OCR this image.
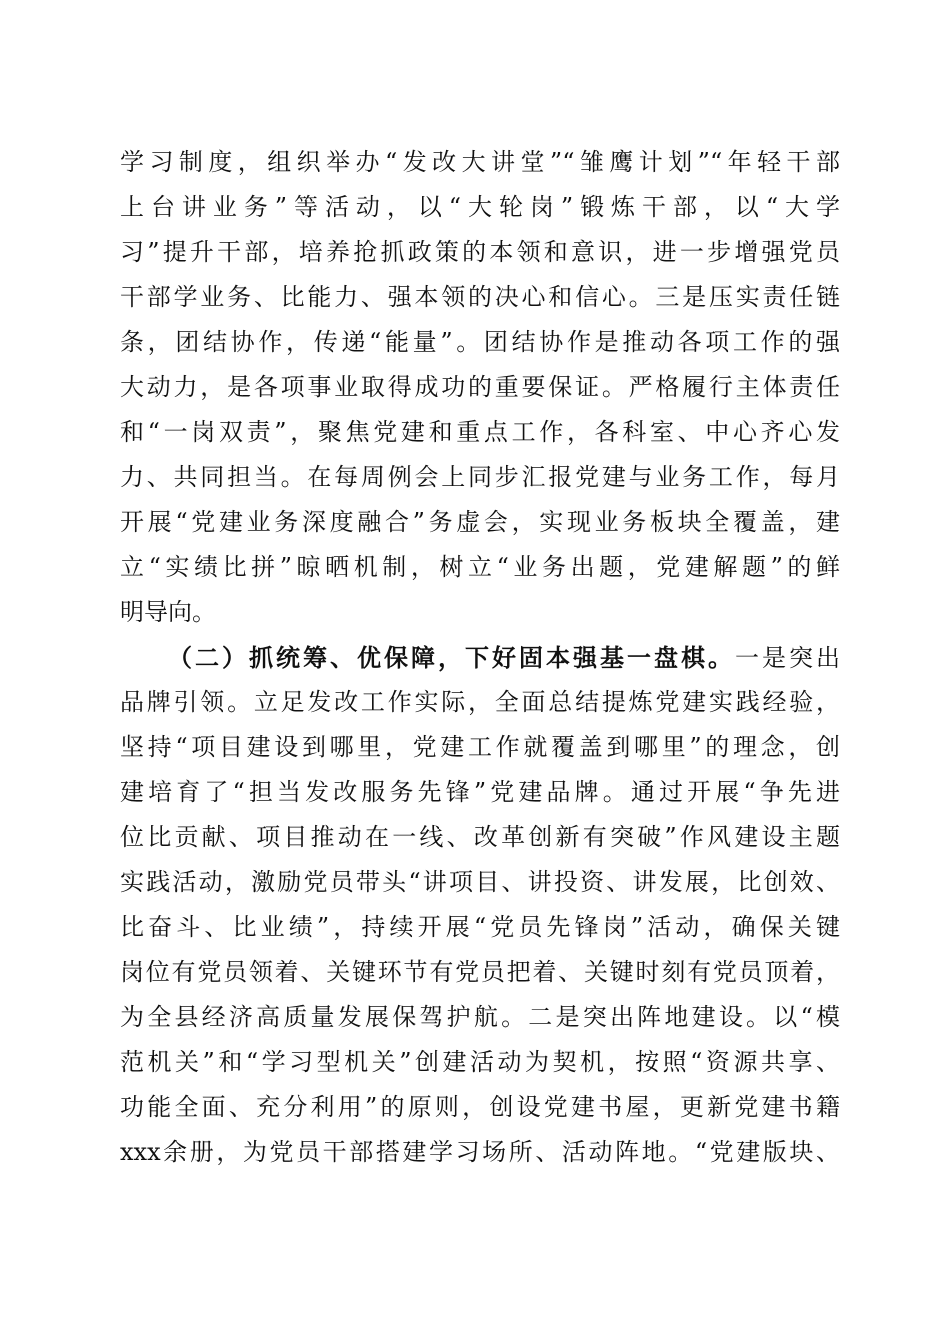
学习制度，组织举办“发改大讲堂”“雏鹰计划”“年轻干部
上台讲业务”等活动，以“大轮岗”锻炼干部，以“大学
习”提升干部，培养抢抓政策的本领和意识，进一步增强党员
干部学业务、比能力、强本领的决心和信心。三是压实责任链
条，团结协作，传递“能量”。团结协作是推动各项工作的强
大动力，是各项事业取得成功的重要保证。严格履行主体责任
和“一岗双责”，聚焦党建和重点工作，各科室、中心齐心发
力、共同担当。在每周例会上同步汇报党建与业务工作，每月
开展“党建业务深度融合”务虚会，实现业务板块全覆盖，建
立“实绩比拼”晾晒机制，树立“业务出题，党建解题”的鲜
明导向。
（二）抓统筹、优保障，下好固本强基一盘棋。一是突出
品牌引领。立足发改工作实际，全面总结提炼党建实践经验，
坚持“项目建设到哪里，党建工作就覆盖到哪里”的理念，创
建培育了“担当发改服务先锋”党建品牌。通过开展“争先进
位比贡献、项目推动在一线、改革创新有突破”作风建设主题
实践活动，激励党员带头“讲项目、讲投资、讲发展，比创效、
比奋斗、比业绩”，持续开展“党员先锋岗”活动，确保关键
岗位有党员领着、关键环节有党员把着、关键时刻有党员顶着，
为全县经济高质量发展保驾护航。二是突出阵地建设。以“模
范机关”和“学习型机关”创建活动为契机，按照“资源共享、
功能全面、充分利用”的原则，创设党建书屋，更新党建书籍
xxx余册，为党员干部搭建学习场所、活动阵地。“党建版块、
